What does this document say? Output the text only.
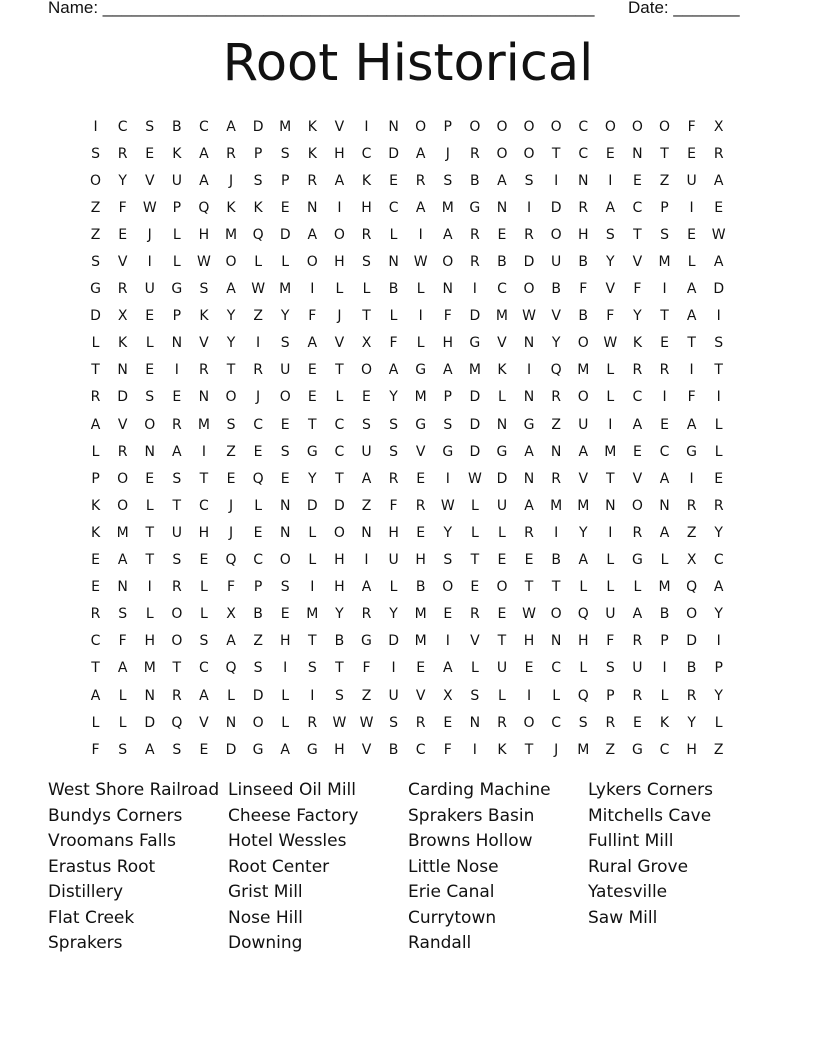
Name: ____________________________________________________ Date: _______
Root Historical
I	C	S	B	C	A	D	M	K	V	I	N	O	P	O	O	O	O	C	O	O	O	F	X
S	R	E	K	A	R	P	S	K	H	C	D	A	J	R	O	O	T	C	E	N	T	E	R
O	Y	V	U	A	J	S	P	R	A	K	E	R	S	B	A	S	I	N	I	E	Z	U	A
Z	F	W	P	Q	K	K	E	N	I	H	C	A	M	G	N	I	D	R	A	C	P	I	E
Z	E	J	L	H	M	Q	D	A	O	R	L	I	A	R	E	R	O	H	S	T	S	E	W
S	V	I	L	W	O	L	L	O	H	S	N	W	O	R	B	D	U	B	Y	V	M	L	A
G	R	U	G	S	A	W	M	I	L	L	B	L	N	I	C	O	B	F	V	F	I	A	D
D	X	E	P	K	Y	Z	Y	F	J	T	L	I	F	D	M	W	V	B	F	Y	T	A	I
L	K	L	N	V	Y	I	S	A	V	X	F	L	H	G	V	N	Y	O	W	K	E	T	S
T	N	E	I	R	T	R	U	E	T	O	A	G	A	M	K	I	Q	M	L	R	R	I	T
R	D	S	E	N	O	J	O	E	L	E	Y	M	P	D	L	N	R	O	L	C	I	F	I
A	V	O	R	M	S	C	E	T	C	S	S	G	S	D	N	G	Z	U	I	A	E	A	L
L	R	N	A	I	Z	E	S	G	C	U	S	V	G	D	G	A	N	A	M	E	C	G	L
P	O	E	S	T	E	Q	E	Y	T	A	R	E	I	W	D	N	R	V	T	V	A	I	E
K	O	L	T	C	J	L	N	D	D	Z	F	R	W	L	U	A	M	M	N	O	N	R	R
K	M	T	U	H	J	E	N	L	O	N	H	E	Y	L	L	R	I	Y	I	R	A	Z	Y
E	A	T	S	E	Q	C	O	L	H	I	U	H	S	T	E	E	B	A	L	G	L	X	C
E	N	I	R	L	F	P	S	I	H	A	L	B	O	E	O	T	T	L	L	L	M	Q	A
R	S	L	O	L	X	B	E	M	Y	R	Y	M	E	R	E	W	O	Q	U	A	B	O	Y
C	F	H	O	S	A	Z	H	T	B	G	D	M	I	V	T	H	N	H	F	R	P	D	I
T	A	M	T	C	Q	S	I	S	T	F	I	E	A	L	U	E	C	L	S	U	I	B	P
A	L	N	R	A	L	D	L	I	S	Z	U	V	X	S	L	I	L	Q	P	R	L	R	Y
L	L	D	Q	V	N	O	L	R	W W	S	R	E	N	R	O	C	S	R	E	K	Y	L
F	S	A	S	E	D	G	A	G	H	V	B	C	F	I	K	T	J	M	Z	G	C	H	Z
West Shore Railroad
Bundys Corners
Vroomans Falls
Erastus Root
Distillery
Flat Creek
Sprakers
Linseed Oil Mill
Cheese Factory
Hotel Wessles
Root Center
Grist Mill
Nose Hill
Downing
Carding Machine
Sprakers Basin
Browns Hollow
Little Nose
Erie Canal
Currytown
Randall
Lykers Corners
Mitchells Cave
Fullint Mill
Rural Grove
Yatesville
Saw Mill
